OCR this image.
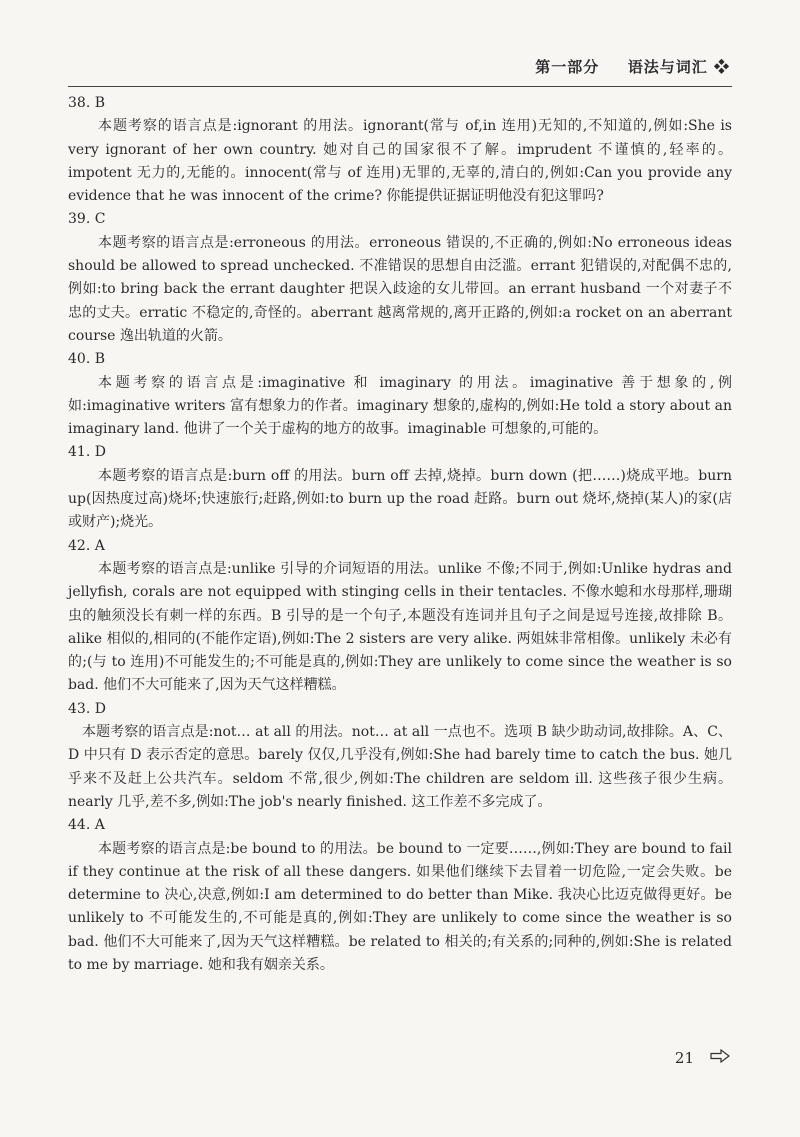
第一部分 语法与词汇 ❖

38. B

本题考察的语言点是:ignorant 的用法。ignorant(常与 of,in 连用)无知的,不知道的,例如:She is very ignorant of her own country. 她对自己的国家很不了解。imprudent 不谨慎的,轻率的。impotent 无力的,无能的。innocent(常与 of 连用)无罪的,无辜的,清白的,例如:Can you provide any evidence that he was innocent of the crime? 你能提供证据证明他没有犯这罪吗?

39. C

本题考察的语言点是:erroneous 的用法。erroneous 错误的,不正确的,例如:No erroneous ideas should be allowed to spread unchecked. 不准错误的思想自由泛滥。errant 犯错误的,对配偶不忠的,例如:to bring back the errant daughter 把误入歧途的女儿带回。an errant husband 一个对妻子不忠的丈夫。erratic 不稳定的,奇怪的。aberrant 越离常规的,离开正路的,例如:a rocket on an aberrant course 逸出轨道的火箭。

40. B

本题考察的语言点是:imaginative 和 imaginary 的用法。imaginative 善于想象的,例如:imaginative writers 富有想象力的作者。imaginary 想象的,虚构的,例如:He told a story about an imaginary land. 他讲了一个关于虚构的地方的故事。imaginable 可想象的,可能的。

41. D

本题考察的语言点是:burn off 的用法。burn off 去掉,烧掉。burn down (把……)烧成平地。burn up(因热度过高)烧坏;快速旅行;赶路,例如:to burn up the road 赶路。burn out 烧坏,烧掉(某人)的家(店或财产);烧光。

42. A

本题考察的语言点是:unlike 引导的介词短语的用法。unlike 不像;不同于,例如:Unlike hydras and jellyfish, corals are not equipped with stinging cells in their tentacles. 不像水螅和水母那样,珊瑚虫的触须没长有刺一样的东西。B 引导的是一个句子,本题没有连词并且句子之间是逗号连接,故排除 B。alike 相似的,相同的(不能作定语),例如:The 2 sisters are very alike. 两姐妹非常相像。unlikely 未必有的;(与 to 连用)不可能发生的;不可能是真的,例如:They are unlikely to come since the weather is so bad. 他们不大可能来了,因为天气这样糟糕。

43. D

本题考察的语言点是:not… at all 的用法。not… at all 一点也不。选项 B 缺少助动词,故排除。A、C、D 中只有 D 表示否定的意思。barely 仅仅,几乎没有,例如:She had barely time to catch the bus. 她几乎来不及赶上公共汽车。seldom 不常,很少,例如:The children are seldom ill. 这些孩子很少生病。nearly 几乎,差不多,例如:The job's nearly finished. 这工作差不多完成了。

44. A

本题考察的语言点是:be bound to 的用法。be bound to 一定要……,例如:They are bound to fail if they continue at the risk of all these dangers. 如果他们继续下去冒着一切危险,一定会失败。be determine to 决心,决意,例如:I am determined to do better than Mike. 我决心比迈克做得更好。be unlikely to 不可能发生的,不可能是真的,例如:They are unlikely to come since the weather is so bad. 他们不大可能来了,因为天气这样糟糕。be related to 相关的;有关系的;同种的,例如:She is related to me by marriage. 她和我有姻亲关系。

21
